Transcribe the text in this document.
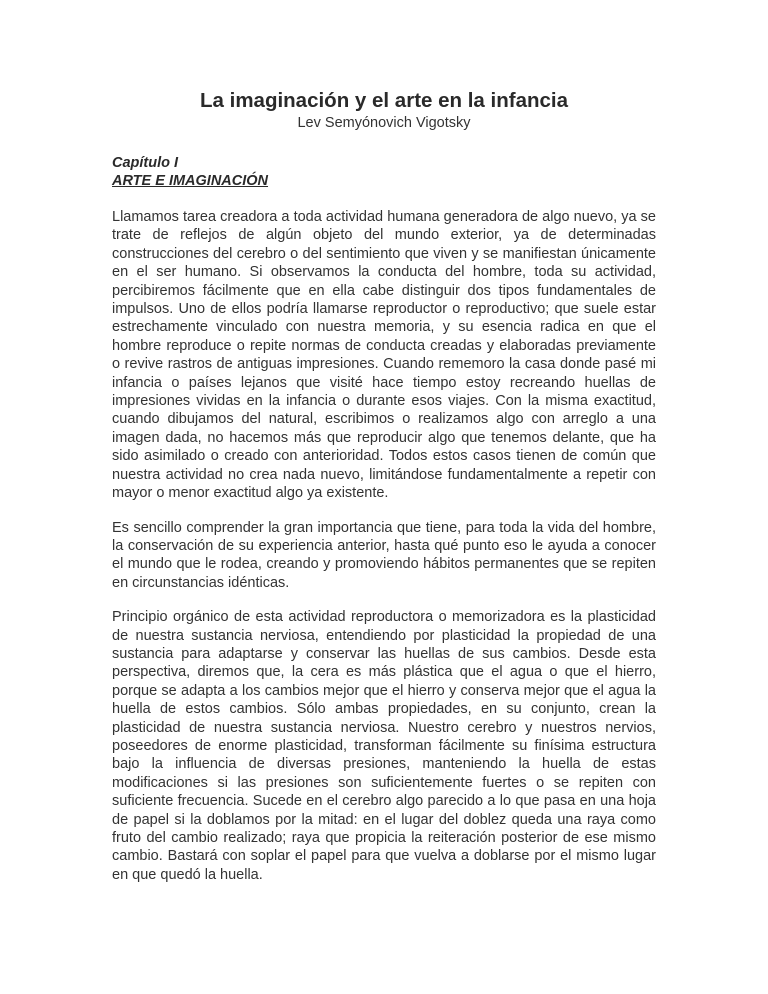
La imaginación y el arte en la infancia

Lev Semyónovich Vigotsky

Capítulo I

ARTE E IMAGINACIÓN

Llamamos tarea creadora a toda actividad humana generadora de algo nuevo, ya se trate de reflejos de algún objeto del mundo exterior, ya de determinadas construcciones del cerebro o del sentimiento que viven y se manifiestan únicamente en el ser humano. Si observamos la conducta del hombre, toda su actividad, percibiremos fácilmente que en ella cabe distinguir dos tipos fundamentales de impulsos. Uno de ellos podría llamarse reproductor o reproductivo; que suele estar estrechamente vinculado con nuestra memoria, y su esencia radica en que el hombre reproduce o repite normas de conducta creadas y elaboradas previamente o revive rastros de antiguas impresiones. Cuando rememoro la casa donde pasé mi infancia o países lejanos que visité hace tiempo estoy recreando huellas de impresiones vividas en la infancia o durante esos viajes. Con la misma exactitud, cuando dibujamos del natural, escribimos o realizamos algo con arreglo a una imagen dada, no hacemos más que reproducir algo que tenemos delante, que ha sido asimilado o creado con anterioridad. Todos estos casos tienen de común que nuestra actividad no crea nada nuevo, limitándose fundamentalmente a repetir con mayor o menor exactitud algo ya existente.

Es sencillo comprender la gran importancia que tiene, para toda la vida del hombre, la conservación de su experiencia anterior, hasta qué punto eso le ayuda a conocer el mundo que le rodea, creando y promoviendo hábitos permanentes que se repiten en circunstancias idénticas.

Principio orgánico de esta actividad reproductora o memorizadora es la plasticidad de nuestra sustancia nerviosa, entendiendo por plasticidad la propiedad de una sustancia para adaptarse y conservar las huellas de sus cambios. Desde esta perspectiva, diremos que, la cera es más plástica que el agua o que el hierro, porque se adapta a los cambios mejor que el hierro y conserva mejor que el agua la huella de estos cambios. Sólo ambas propiedades, en su conjunto, crean la plasticidad de nuestra sustancia nerviosa. Nuestro cerebro y nuestros nervios, poseedores de enorme plasticidad, transforman fácilmente su finísima estructura bajo la influencia de diversas presiones, manteniendo la huella de estas modificaciones si las presiones son suficientemente fuertes o se repiten con suficiente frecuencia. Sucede en el cerebro algo parecido a lo que pasa en una hoja de papel si la doblamos por la mitad: en el lugar del doblez queda una raya como fruto del cambio realizado; raya que propicia la reiteración posterior de ese mismo cambio. Bastará con soplar el papel para que vuelva a doblarse por el mismo lugar en que quedó la huella.
